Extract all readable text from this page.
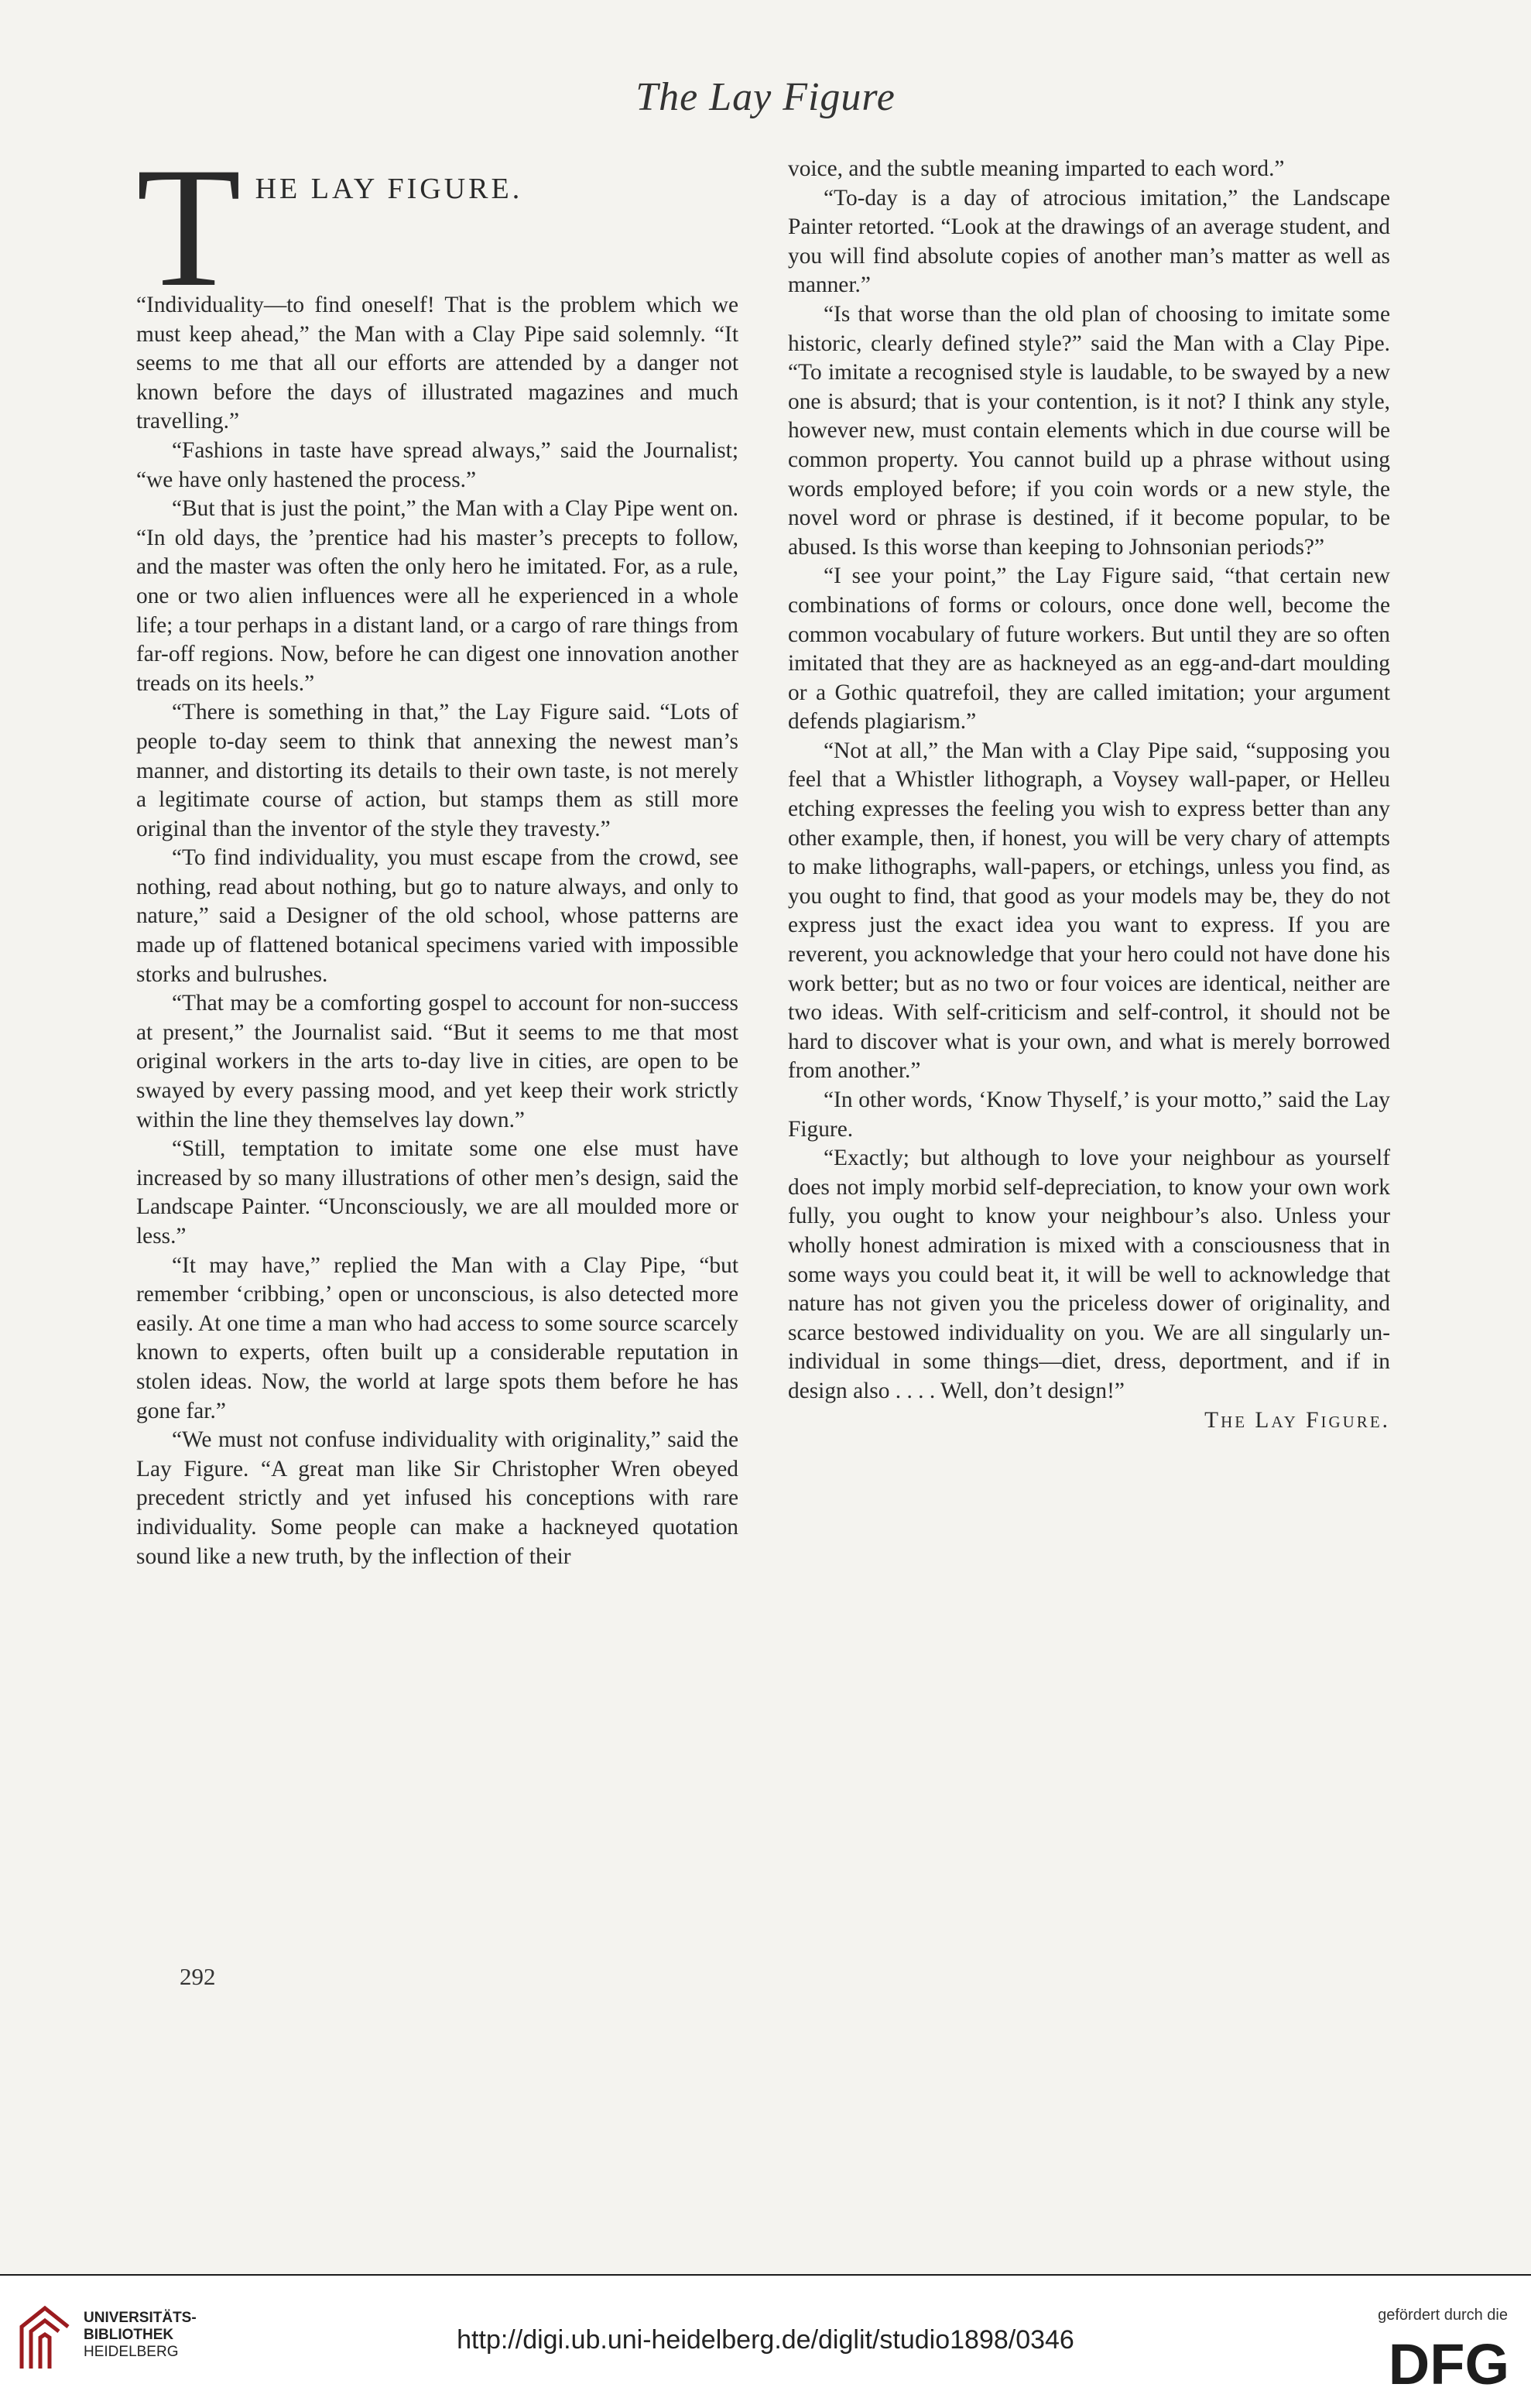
The Lay Figure
T HE LAY FIGURE.

“Individuality—to find oneself! That is the problem which we must keep ahead,” the Man with a Clay Pipe said solemnly. “It seems to me that all our efforts are attended by a danger not known before the days of illustrated magazines and much travelling.”

“Fashions in taste have spread always,” said the Journalist; “we have only hastened the process.”

“But that is just the point,” the Man with a Clay Pipe went on. “In old days, the ’prentice had his master’s precepts to follow, and the master was often the only hero he imitated. For, as a rule, one or two alien influences were all he experienced in a whole life; a tour perhaps in a distant land, or a cargo of rare things from far-off regions. Now, before he can digest one innovation another treads on its heels.”

“There is something in that,” the Lay Figure said. “Lots of people to-day seem to think that annexing the newest man’s manner, and distorting its details to their own taste, is not merely a legitimate course of action, but stamps them as still more original than the inventor of the style they travesty.”

“To find individuality, you must escape from the crowd, see nothing, read about nothing, but go to nature always, and only to nature,” said a Designer of the old school, whose patterns are made up of flattened botanical specimens varied with impossible storks and bulrushes.

“That may be a comforting gospel to account for non-success at present,” the Journalist said. “But it seems to me that most original workers in the arts to-day live in cities, are open to be swayed by every passing mood, and yet keep their work strictly within the line they themselves lay down.”

“Still, temptation to imitate some one else must have increased by so many illustrations of other men’s design, said the Landscape Painter. “Unconsciously, we are all moulded more or less.”

“It may have,” replied the Man with a Clay Pipe, “but remember ‘cribbing,’ open or unconscious, is also detected more easily. At one time a man who had access to some source scarcely known to experts, often built up a considerable reputation in stolen ideas. Now, the world at large spots them before he has gone far.”

“We must not confuse individuality with originality,” said the Lay Figure. “A great man like Sir Christopher Wren obeyed precedent strictly and yet infused his conceptions with rare individuality. Some people can make a hackneyed quotation sound like a new truth, by the inflection of their

292

voice, and the subtle meaning imparted to each word.”

“To-day is a day of atrocious imitation,” the Landscape Painter retorted. “Look at the drawings of an average student, and you will find absolute copies of another man’s matter as well as manner.”

“Is that worse than the old plan of choosing to imitate some historic, clearly defined style?” said the Man with a Clay Pipe. “To imitate a recognised style is laudable, to be swayed by a new one is absurd; that is your contention, is it not? I think any style, however new, must contain elements which in due course will be common property. You cannot build up a phrase without using words employed before; if you coin words or a new style, the novel word or phrase is destined, if it become popular, to be abused. Is this worse than keeping to Johnsonian periods?”

“I see your point,” the Lay Figure said, “that certain new combinations of forms or colours, once done well, become the common vocabulary of future workers. But until they are so often imitated that they are as hackneyed as an egg-and-dart moulding or a Gothic quatrefoil, they are called imitation; your argument defends plagiarism.”

“Not at all,” the Man with a Clay Pipe said, “supposing you feel that a Whistler lithograph, a Voysey wall-paper, or Helleu etching expresses the feeling you wish to express better than any other example, then, if honest, you will be very chary of attempts to make lithographs, wall-papers, or etchings, unless you find, as you ought to find, that good as your models may be, they do not express just the exact idea you want to express. If you are reverent, you acknowledge that your hero could not have done his work better; but as no two or four voices are identical, neither are two ideas. With self-criticism and self-control, it should not be hard to discover what is your own, and what is merely borrowed from another.”

“In other words, ‘Know Thyself,’ is your motto,” said the Lay Figure.

“Exactly; but although to love your neighbour as yourself does not imply morbid self-depreciation, to know your own work fully, you ought to know your neighbour’s also. Unless your wholly honest admiration is mixed with a consciousness that in some ways you could beat it, it will be well to acknowledge that nature has not given you the priceless dower of originality, and scarce bestowed individuality on you. We are all singularly un-individual in some things—diet, dress, deportment, and if in design also . . . . Well, don’t design!”

The Lay Figure.

UNIVERSITÄTS-
BIBLIOTHEK
HEIDELBERG	http://digi.ub.uni-heidelberg.de/diglit/studio1898/0346
gefördert durch die
DFG
